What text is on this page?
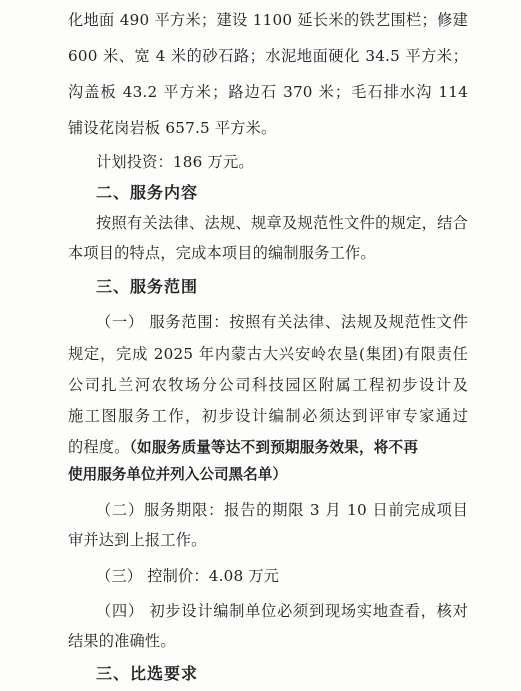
化地面 490 平方米；建设 1100 延长米的铁艺围栏；修建
600 米、宽 4 米的砂石路；水泥地面硬化 34.5 平方米；
沟盖板 43.2 平方米；路边石 370 米；毛石排水沟 114
铺设花岗岩板 657.5 平方米。
计划投资：186 万元。
二、服务内容
按照有关法律、法规、规章及规范性文件的规定，结合
本项目的特点，完成本项目的编制服务工作。
三、服务范围
（一） 服务范围：按照有关法律、法规及规范性文件
规定，完成 2025 年内蒙古大兴安岭农垦(集团)有限责任
公司扎兰河农牧场分公司科技园区附属工程初步设计及
施工图服务工作，初步设计编制必须达到评审专家通过
的程度。（如服务质量等达不到预期服务效果，将不再
使用服务单位并列入公司黑名单）
（二）服务期限：报告的期限 3 月 10 日前完成项目
审并达到上报工作。
（三） 控制价：4.08 万元
（四） 初步设计编制单位必须到现场实地查看，核对
结果的准确性。
三、比选要求
